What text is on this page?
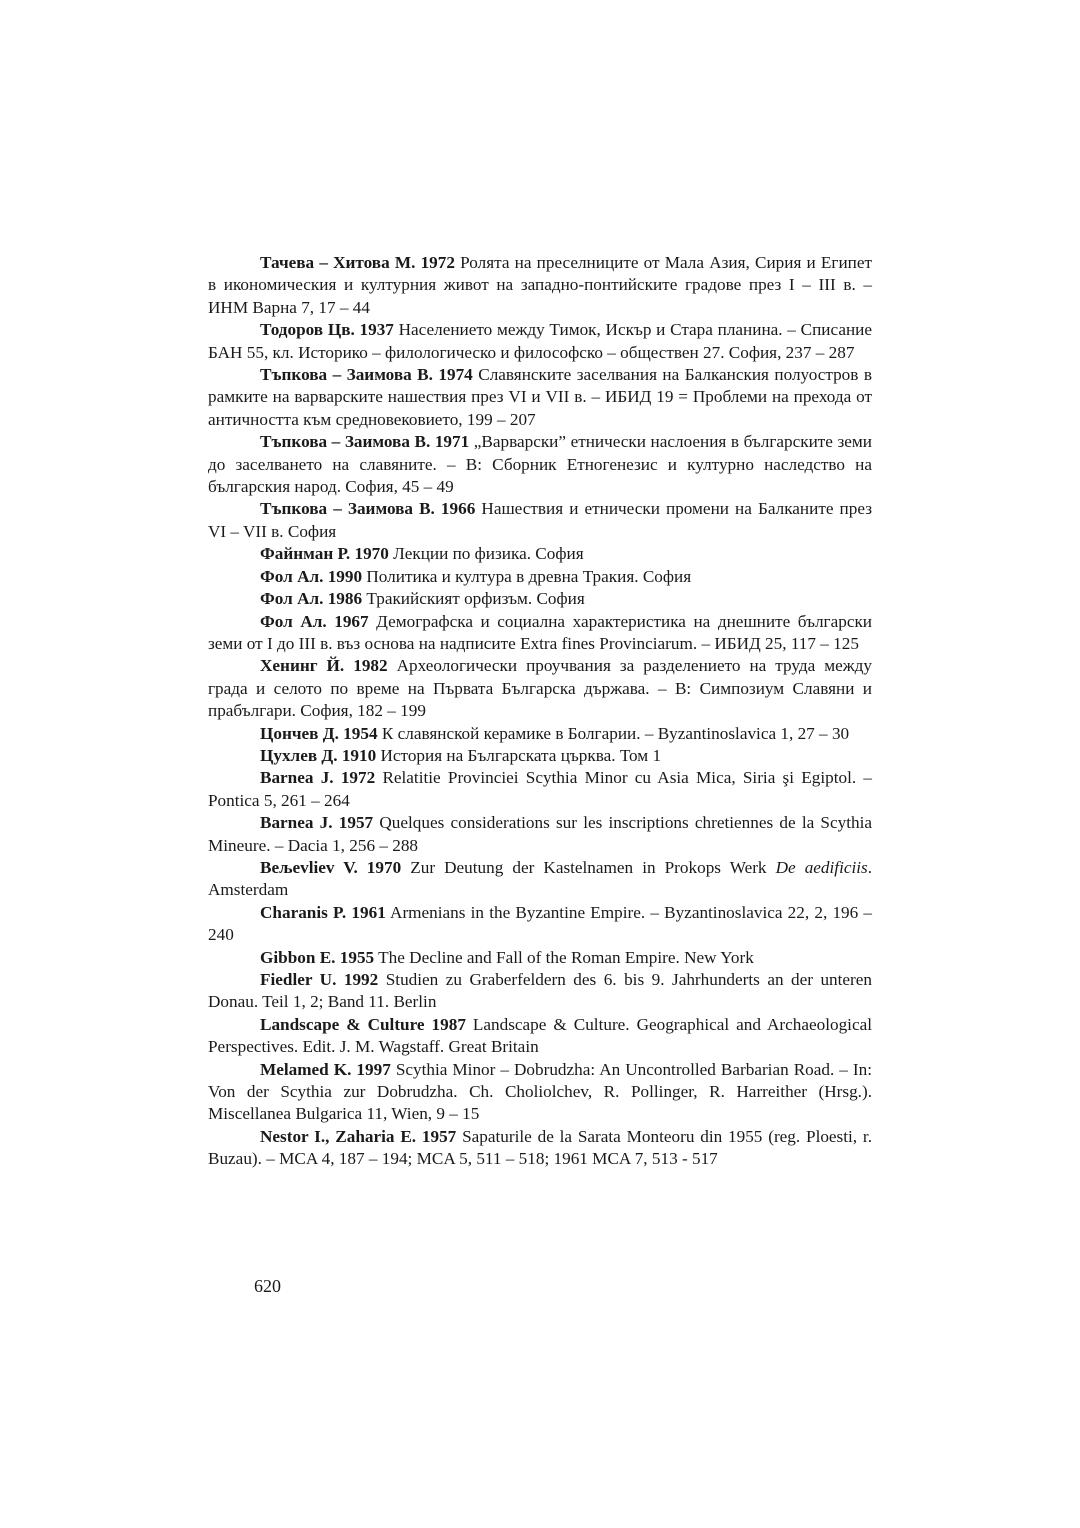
Тачева – Хитова М. 1972 Ролята на преселниците от Мала Азия, Сирия и Египет в икономическия и културния живот на западно-понтийските градове през I – III в. – ИНМ Варна 7, 17 – 44

Тодоров Цв. 1937 Населението между Тимок, Искър и Стара планина. – Списание БАН 55, кл. Историко – филологическо и философско – обществен 27. София, 237 – 287

Тъпкова – Заимова В. 1974 Славянските заселвания на Балканския полуостров в рамките на варварските нашествия през VI и VII в. – ИБИД 19 = Проблеми на прехода от античността към средновековието, 199 – 207

Тъпкова – Заимова В. 1971 „Варварски” етнически наслоения в българските земи до заселването на славяните. – В: Сборник Етногенезис и културно наследство на българския народ. София, 45 – 49

Тъпкова – Заимова В. 1966 Нашествия и етнически промени на Балканите през VI – VII в. София

Файнман Р. 1970 Лекции по физика. София

Фол Ал. 1990 Политика и култура в древна Тракия. София

Фол Ал. 1986 Тракийският орфизъм. София

Фол Ал. 1967 Демографска и социална характеристика на днешните български земи от I до III в. въз основа на надписите Extra fines Provinciarum. – ИБИД 25, 117 – 125

Хенинг Й. 1982 Археологически проучвания за разделението на труда между града и селото по време на Първата Българска държава. – В: Симпозиум Славяни и прабългари. София, 182 – 199

Цончев Д. 1954 К славянской керамике в Болгарии. – Byzantinoslavica 1, 27 – 30

Цухлев Д. 1910 История на Българската църква. Том 1

Barnea J. 1972 Relatitie Provinciei Scythia Minor cu Asia Mica, Siria şi Egiptol. – Pontica 5, 261 – 264

Barnea J. 1957 Quelques considerations sur les inscriptions chretiennes de la Scythia Mineure. – Dacia 1, 256 – 288

Beљevliev V. 1970 Zur Deutung der Kastelnamen in Prokops Werk De aedificiis. Amsterdam

Charanis P. 1961 Armenians in the Byzantine Empire. – Byzantinoslavica 22, 2, 196 – 240

Gibbon E. 1955 The Decline and Fall of the Roman Empire. New York

Fiedler U. 1992 Studien zu Graberfeldern des 6. bis 9. Jahrhunderts an der unteren Donau. Teil 1, 2; Band 11. Berlin

Landscape & Culture 1987 Landscape & Culture. Geographical and Archaeological Perspectives. Edit. J. M. Wagstaff. Great Britain

Melamed K. 1997 Scythia Minor – Dobrudzha: An Uncontrolled Barbarian Road. – In: Von der Scythia zur Dobrudzha. Ch. Choliolchev, R. Pollinger, R. Harreither (Hrsg.). Miscellanea Bulgarica 11, Wien, 9 – 15

Nestor I., Zaharia E. 1957 Sapaturile de la Sarata Monteoru din 1955 (reg. Ploesti, r. Buzau). – MCA 4, 187 – 194; MCA 5, 511 – 518; 1961 MCA 7, 513 - 517

620
